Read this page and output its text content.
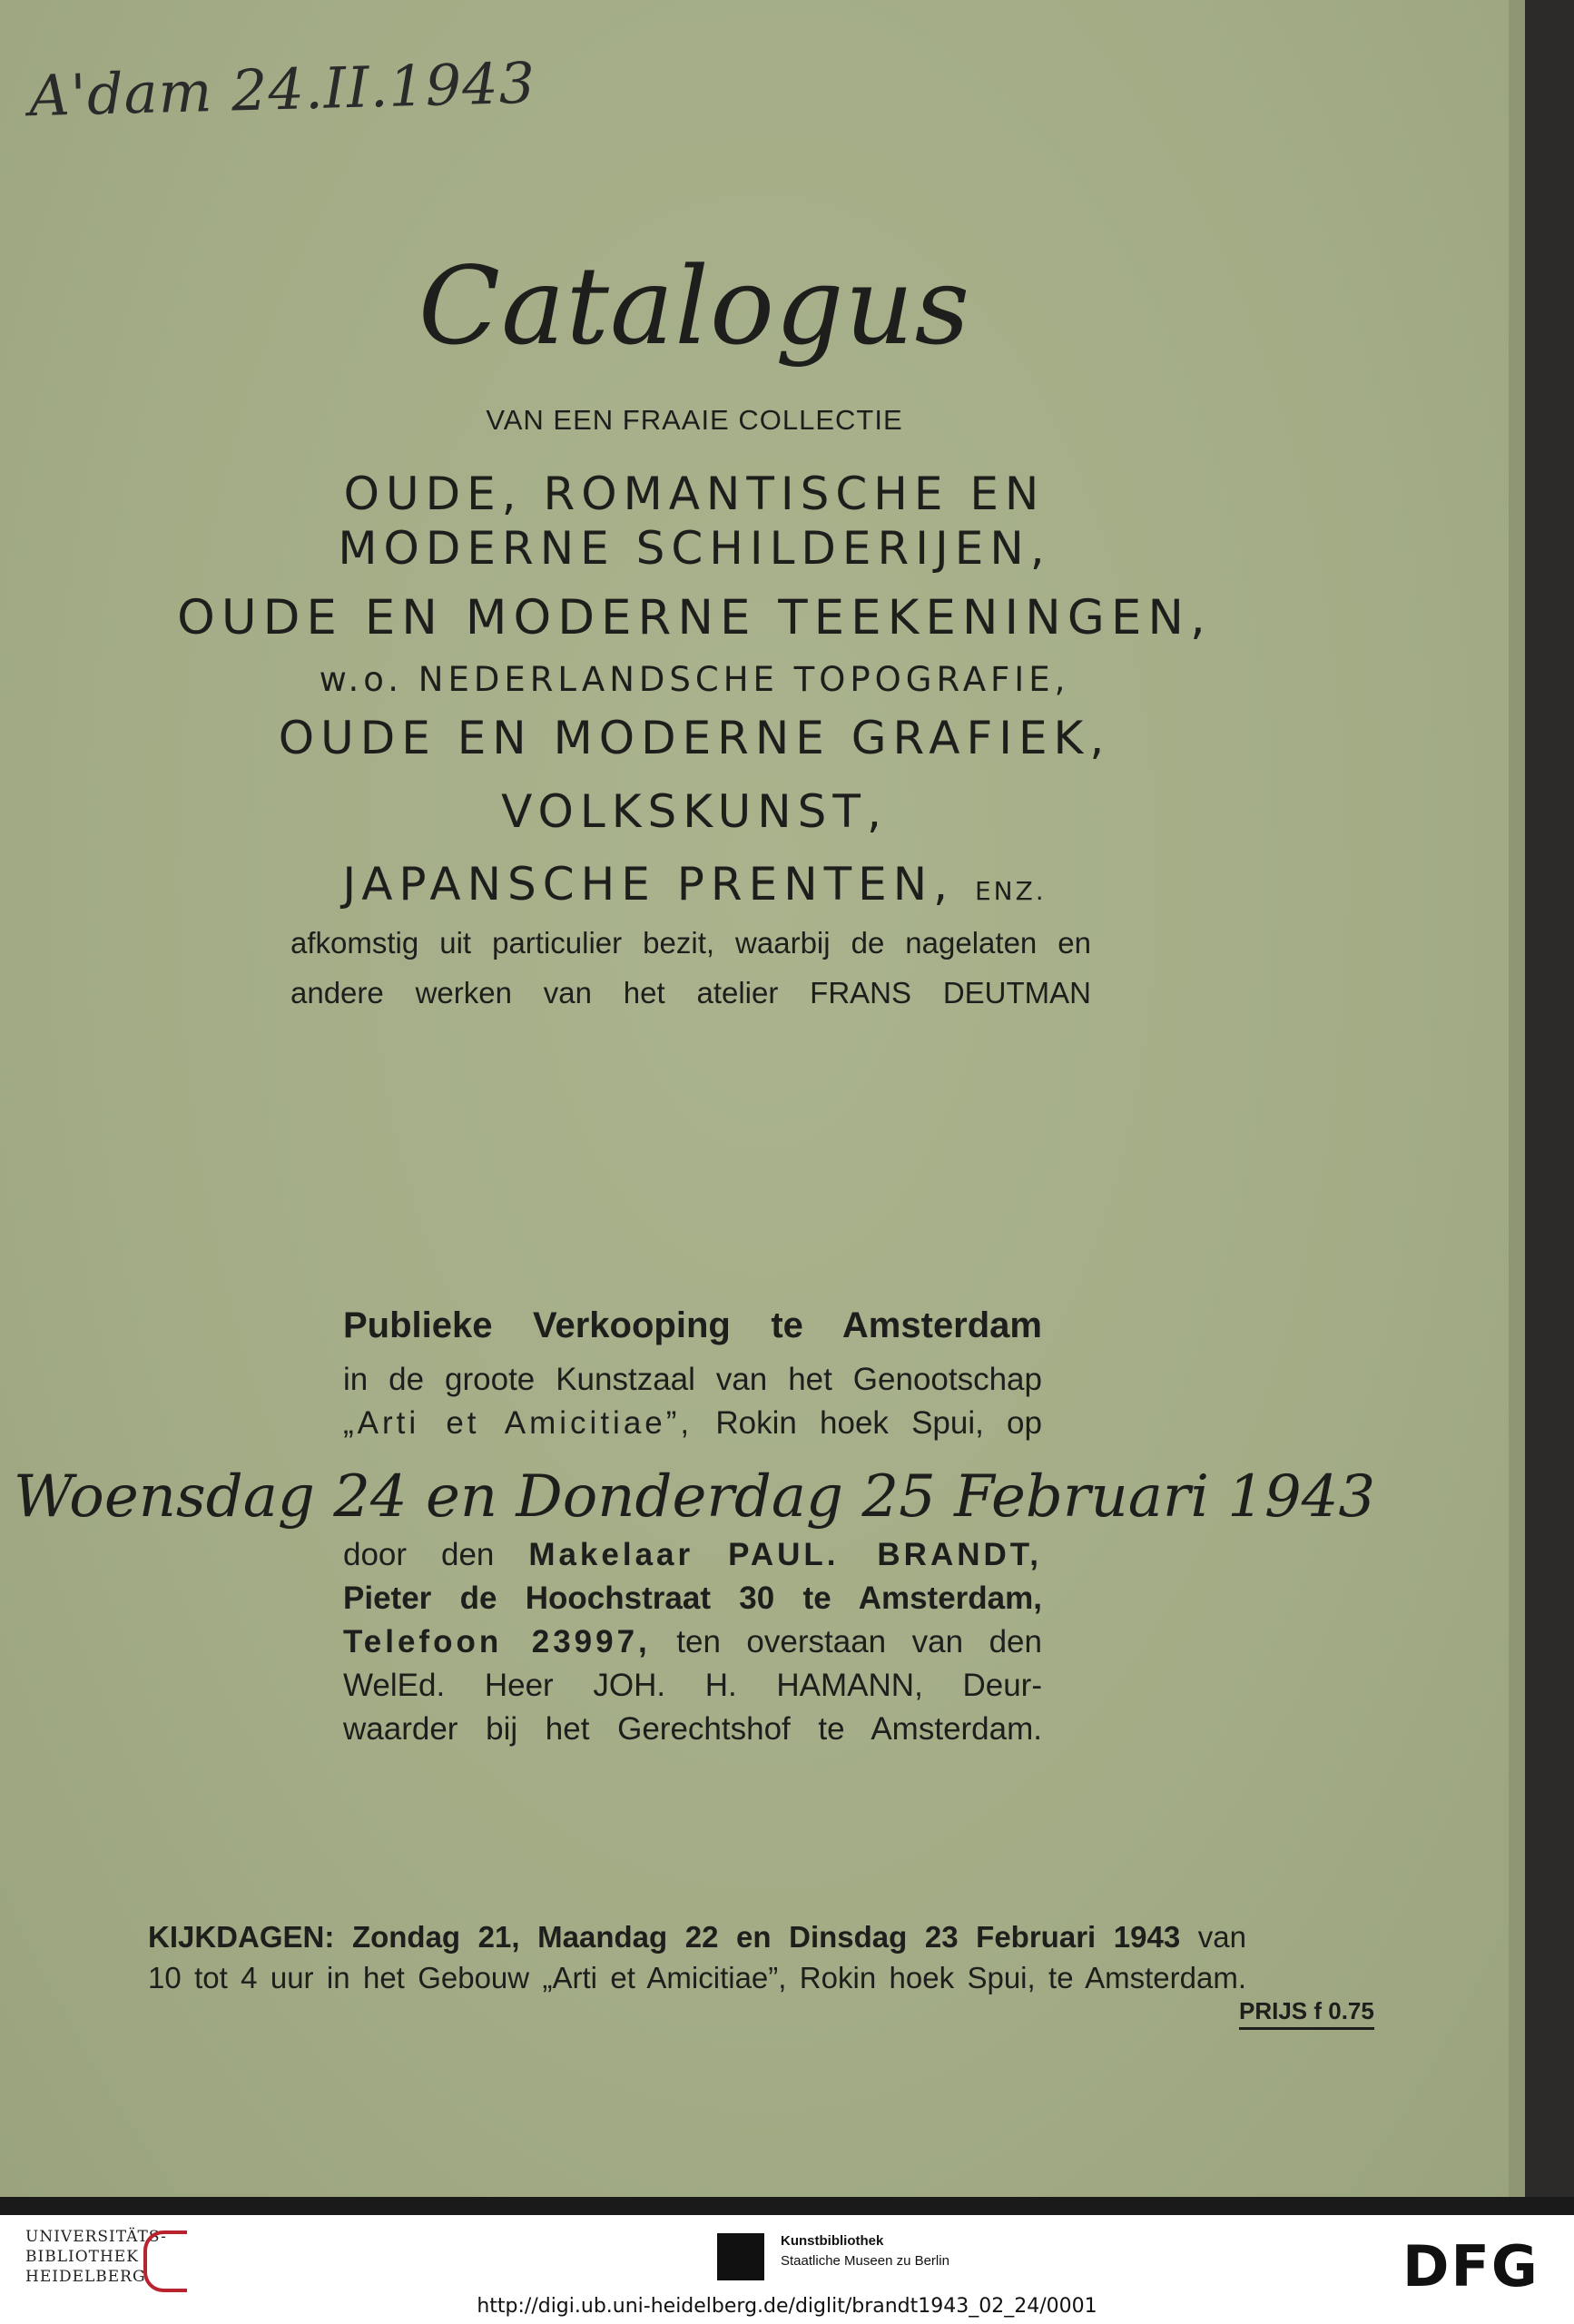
A'dam 24.II.1943
Catalogus
VAN EEN FRAAIE COLLECTIE
OUDE, ROMANTISCHE EN
MODERNE SCHILDERIJEN,
OUDE EN MODERNE TEEKENINGEN,
w.o. NEDERLANDSCHE TOPOGRAFIE,
OUDE EN MODERNE GRAFIEK,
VOLKSKUNST,
JAPANSCHE PRENTEN, ENZ.
afkomstig uit particulier bezit, waarbij de nagelaten en
andere werken van het atelier FRANS DEUTMAN
Publieke Verkooping te Amsterdam
in de groote Kunstzaal van het Genootschap
„Arti et Amicitiae”, Rokin hoek Spui, op
Woensdag 24 en Donderdag 25 Februari 1943
door den Makelaar PAUL. BRANDT,
Pieter de Hoochstraat 30 te Amsterdam,
Telefoon 23997, ten overstaan van den
WelEd. Heer JOH. H. HAMANN, Deur-
waarder bij het Gerechtshof te Amsterdam.
KIJKDAGEN: Zondag 21, Maandag 22 en Dinsdag 23 Februari 1943 van
10 tot 4 uur in het Gebouw „Arti et Amicitiae”, Rokin hoek Spui, te Amsterdam.
PRIJS f 0.75
UNIVERSITÄTS-
BIBLIOTHEK
HEIDELBERG
Kunstbibliothek
Staatliche Museen zu Berlin	DFG
http://digi.ub.uni-heidelberg.de/diglit/brandt1943_02_24/0001
